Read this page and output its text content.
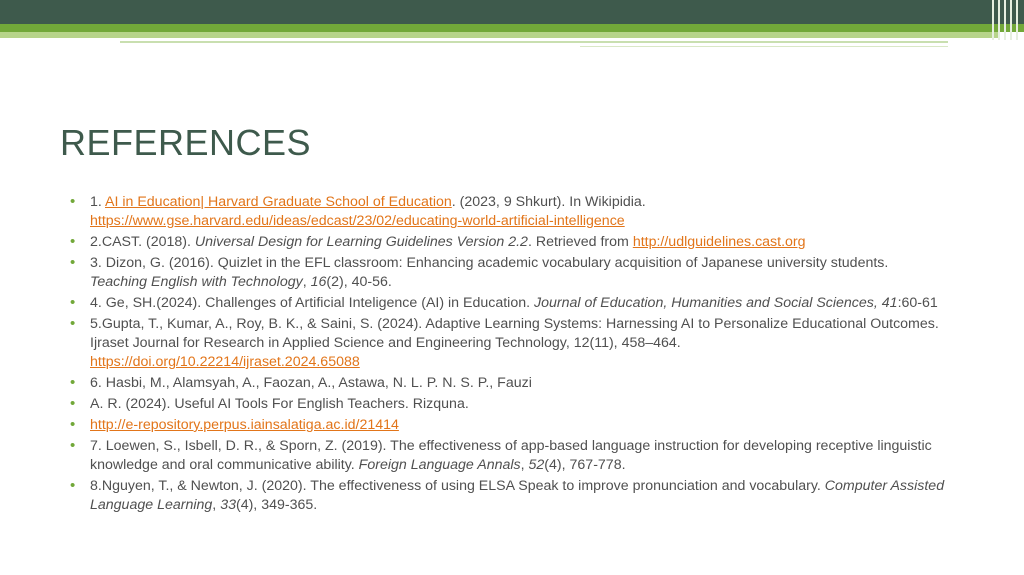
REFERENCES
• 1. AI in Education| Harvard Graduate School of Education. (2023, 9 Shkurt). In Wikipidia.
https://www.gse.harvard.edu/ideas/edcast/23/02/educating-world-artificial-intelligence
• 2.CAST. (2018). Universal Design for Learning Guidelines Version 2.2. Retrieved from http://udlguidelines.cast.org
• 3. Dizon, G. (2016). Quizlet in the EFL classroom: Enhancing academic vocabulary acquisition of Japanese university students.
Teaching English with Technology, 16(2), 40-56.
• 4. Ge, SH.(2024). Challenges of Artificial Inteligence (AI) in Education. Journal of Education, Humanities and Social Sciences, 41:60-61
• 5.Gupta, T., Kumar, A., Roy, B. K., & Saini, S. (2024). Adaptive Learning Systems: Harnessing AI to Personalize Educational Outcomes. Ijraset Journal for Research in Applied Science and Engineering Technology, 12(11), 458–464.
https://doi.org/10.22214/ijraset.2024.65088
• 6. Hasbi, M., Alamsyah, A., Faozan, A., Astawa, N. L. P. N. S. P., Fauzi
• A. R. (2024). Useful AI Tools For English Teachers. Rizquna.
• http://e-repository.perpus.iainsalatiga.ac.id/21414
• 7. Loewen, S., Isbell, D. R., & Sporn, Z. (2019). The effectiveness of app-based language instruction for developing receptive linguistic knowledge and oral communicative ability. Foreign Language Annals, 52(4), 767-778.
• 8.Nguyen, T., & Newton, J. (2020). The effectiveness of using ELSA Speak to improve pronunciation and vocabulary. Computer Assisted Language Learning, 33(4), 349-365.
